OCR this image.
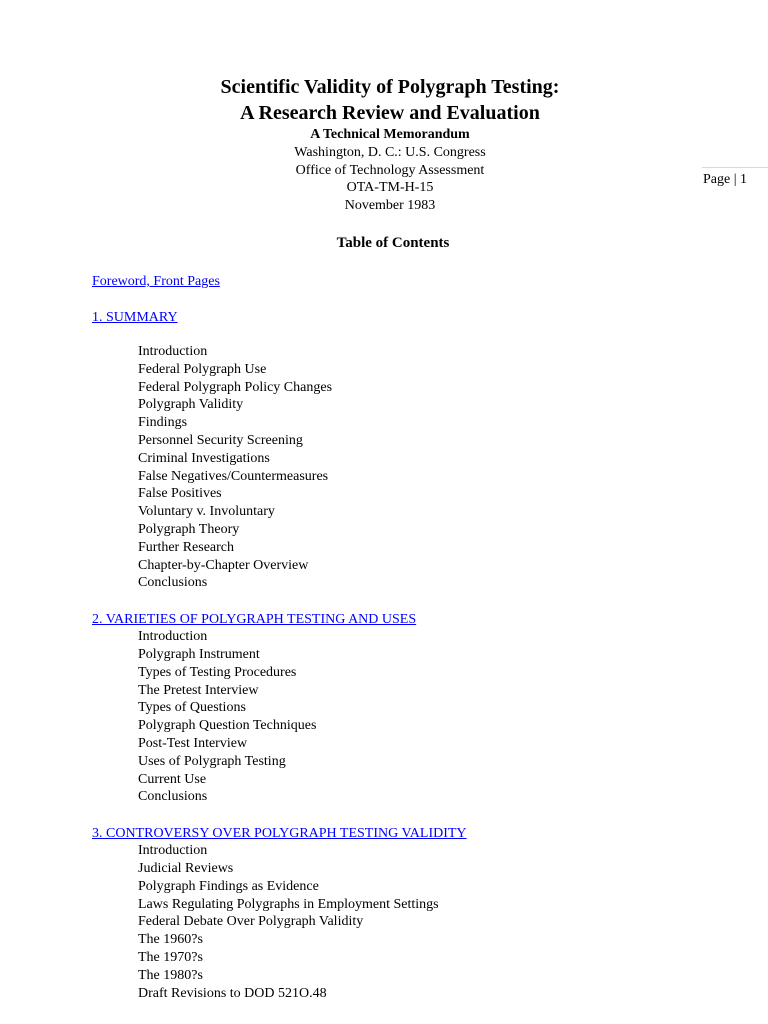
Scientific Validity of Polygraph Testing:
A Research Review and Evaluation
A Technical Memorandum
Washington, D. C.: U.S. Congress
Office of Technology Assessment
OTA-TM-H-15
November 1983
Page | 1
Table of Contents
Foreword, Front Pages
1. SUMMARY
Introduction
Federal Polygraph Use
Federal Polygraph Policy Changes
Polygraph Validity
Findings
Personnel Security Screening
Criminal Investigations
False Negatives/Countermeasures
False Positives
Voluntary v. Involuntary
Polygraph Theory
Further Research
Chapter-by-Chapter Overview
Conclusions
2. VARIETIES OF POLYGRAPH TESTING AND USES
Introduction
Polygraph Instrument
Types of Testing Procedures
The Pretest Interview
Types of Questions
Polygraph Question Techniques
Post-Test Interview
Uses of Polygraph Testing
Current Use
Conclusions
3. CONTROVERSY OVER POLYGRAPH TESTING VALIDITY
Introduction
Judicial Reviews
Polygraph Findings as Evidence
Laws Regulating Polygraphs in Employment Settings
Federal Debate Over Polygraph Validity
The 1960?s
The 1970?s
The 1980?s
Draft Revisions to DOD 521O.48
